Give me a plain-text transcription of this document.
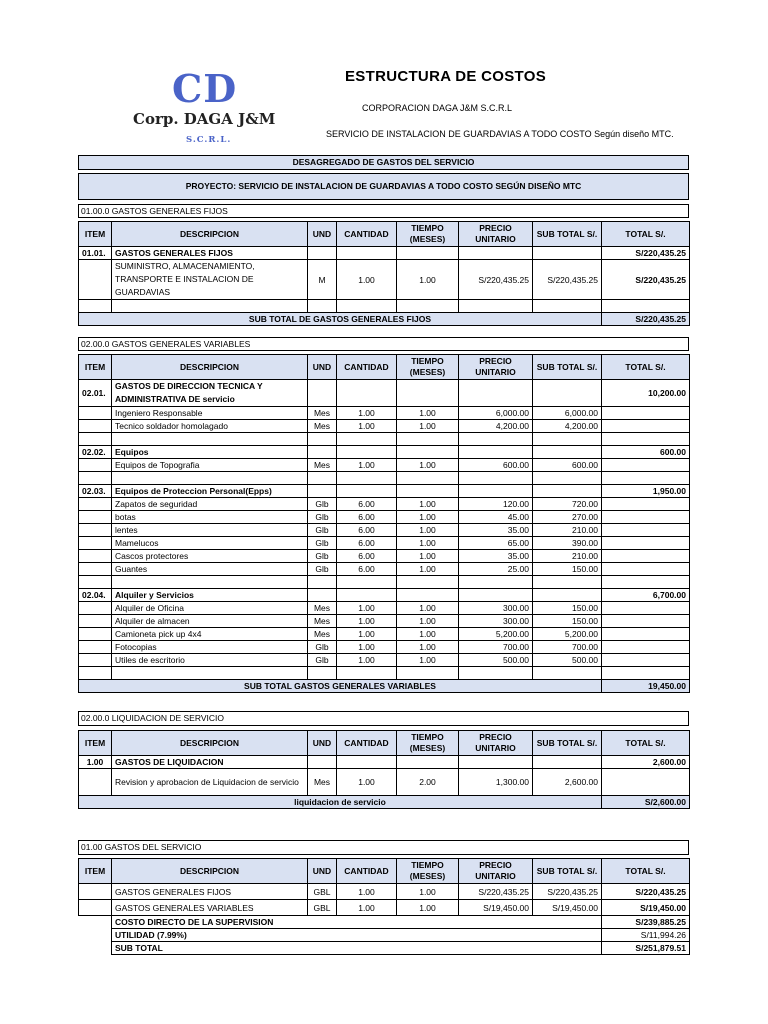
CD
Corp. DAGA J&M
S.C.R.L.
ESTRUCTURA DE COSTOS
CORPORACION DAGA J&M S.C.R.L
SERVICIO DE INSTALACION DE GUARDAVIAS A TODO COSTO Según diseño MTC.
DESAGREGADO DE GASTOS DEL SERVICIO
PROYECTO: SERVICIO DE INSTALACION DE GUARDAVIAS A TODO COSTO SEGÚN DISEÑO MTC
01.00.0 GASTOS GENERALES FIJOS
ITEM	DESCRIPCION	UND	CANTIDAD	TIEMPO (MESES)	PRECIO UNITARIO	SUB TOTAL S/.	TOTAL S/.
01.01.	GASTOS GENERALES FIJOS						S/220,435.25
	SUMINISTRO, ALMACENAMIENTO, TRANSPORTE E INSTALACION DE GUARDAVIAS	M	1.00	1.00	S/220,435.25	S/220,435.25	S/220,435.25

SUB TOTAL DE GASTOS GENERALES FIJOS							S/220,435.25
02.00.0 GASTOS GENERALES VARIABLES
ITEM	DESCRIPCION	UND	CANTIDAD	TIEMPO (MESES)	PRECIO UNITARIO	SUB TOTAL S/.	TOTAL S/.
02.01.	GASTOS DE DIRECCION TECNICA Y ADMINISTRATIVA DE servicio						10,200.00
	Ingeniero Responsable	Mes	1.00	1.00	6,000.00	6,000.00	
	Tecnico soldador homolagado	Mes	1.00	1.00	4,200.00	4,200.00	

02.02.	Equipos						600.00
	Equipos de Topografia	Mes	1.00	1.00	600.00	600.00	

02.03.	Equipos de Proteccion Personal(Epps)						1,950.00
	Zapatos de seguridad	Glb	6.00	1.00	120.00	720.00	
	botas	Glb	6.00	1.00	45.00	270.00	
	lentes	Glb	6.00	1.00	35.00	210.00	
	Mamelucos	Glb	6.00	1.00	65.00	390.00	
	Cascos protectores	Glb	6.00	1.00	35.00	210.00	
	Guantes	Glb	6.00	1.00	25.00	150.00	

02.04.	Alquiler y Servicios						6,700.00
	Alquiler de Oficina	Mes	1.00	1.00	300.00	150.00	
	Alquiler de almacen	Mes	1.00	1.00	300.00	150.00	
	Camioneta pick up 4x4	Mes	1.00	1.00	5,200.00	5,200.00	
	Fotocopias	Glb	1.00	1.00	700.00	700.00	
	Utiles de escritorio	Glb	1.00	1.00	500.00	500.00	

SUB TOTAL GASTOS GENERALES VARIABLES							19,450.00
02.00.0 LIQUIDACION DE SERVICIO
ITEM	DESCRIPCION	UND	CANTIDAD	TIEMPO (MESES)	PRECIO UNITARIO	SUB TOTAL S/.	TOTAL S/.
1.00	GASTOS DE LIQUIDACION						2,600.00
	Revision y aprobacion de Liquidacion de servicio	Mes	1.00	2.00	1,300.00	2,600.00	
liquidacion de servicio							S/2,600.00
01.00 GASTOS DEL SERVICIO
ITEM	DESCRIPCION	UND	CANTIDAD	TIEMPO (MESES)	PRECIO UNITARIO	SUB TOTAL S/.	TOTAL S/.
	GASTOS GENERALES FIJOS	GBL	1.00	1.00	S/220,435.25	S/220,435.25	S/220,435.25
	GASTOS GENERALES VARIABLES	GBL	1.00	1.00	S/19,450.00	S/19,450.00	S/19,450.00
	COSTO DIRECTO DE LA SUPERVISION						S/239,885.25
	UTILIDAD (7.99%)						S/11,994.26
	SUB TOTAL						S/251,879.51
